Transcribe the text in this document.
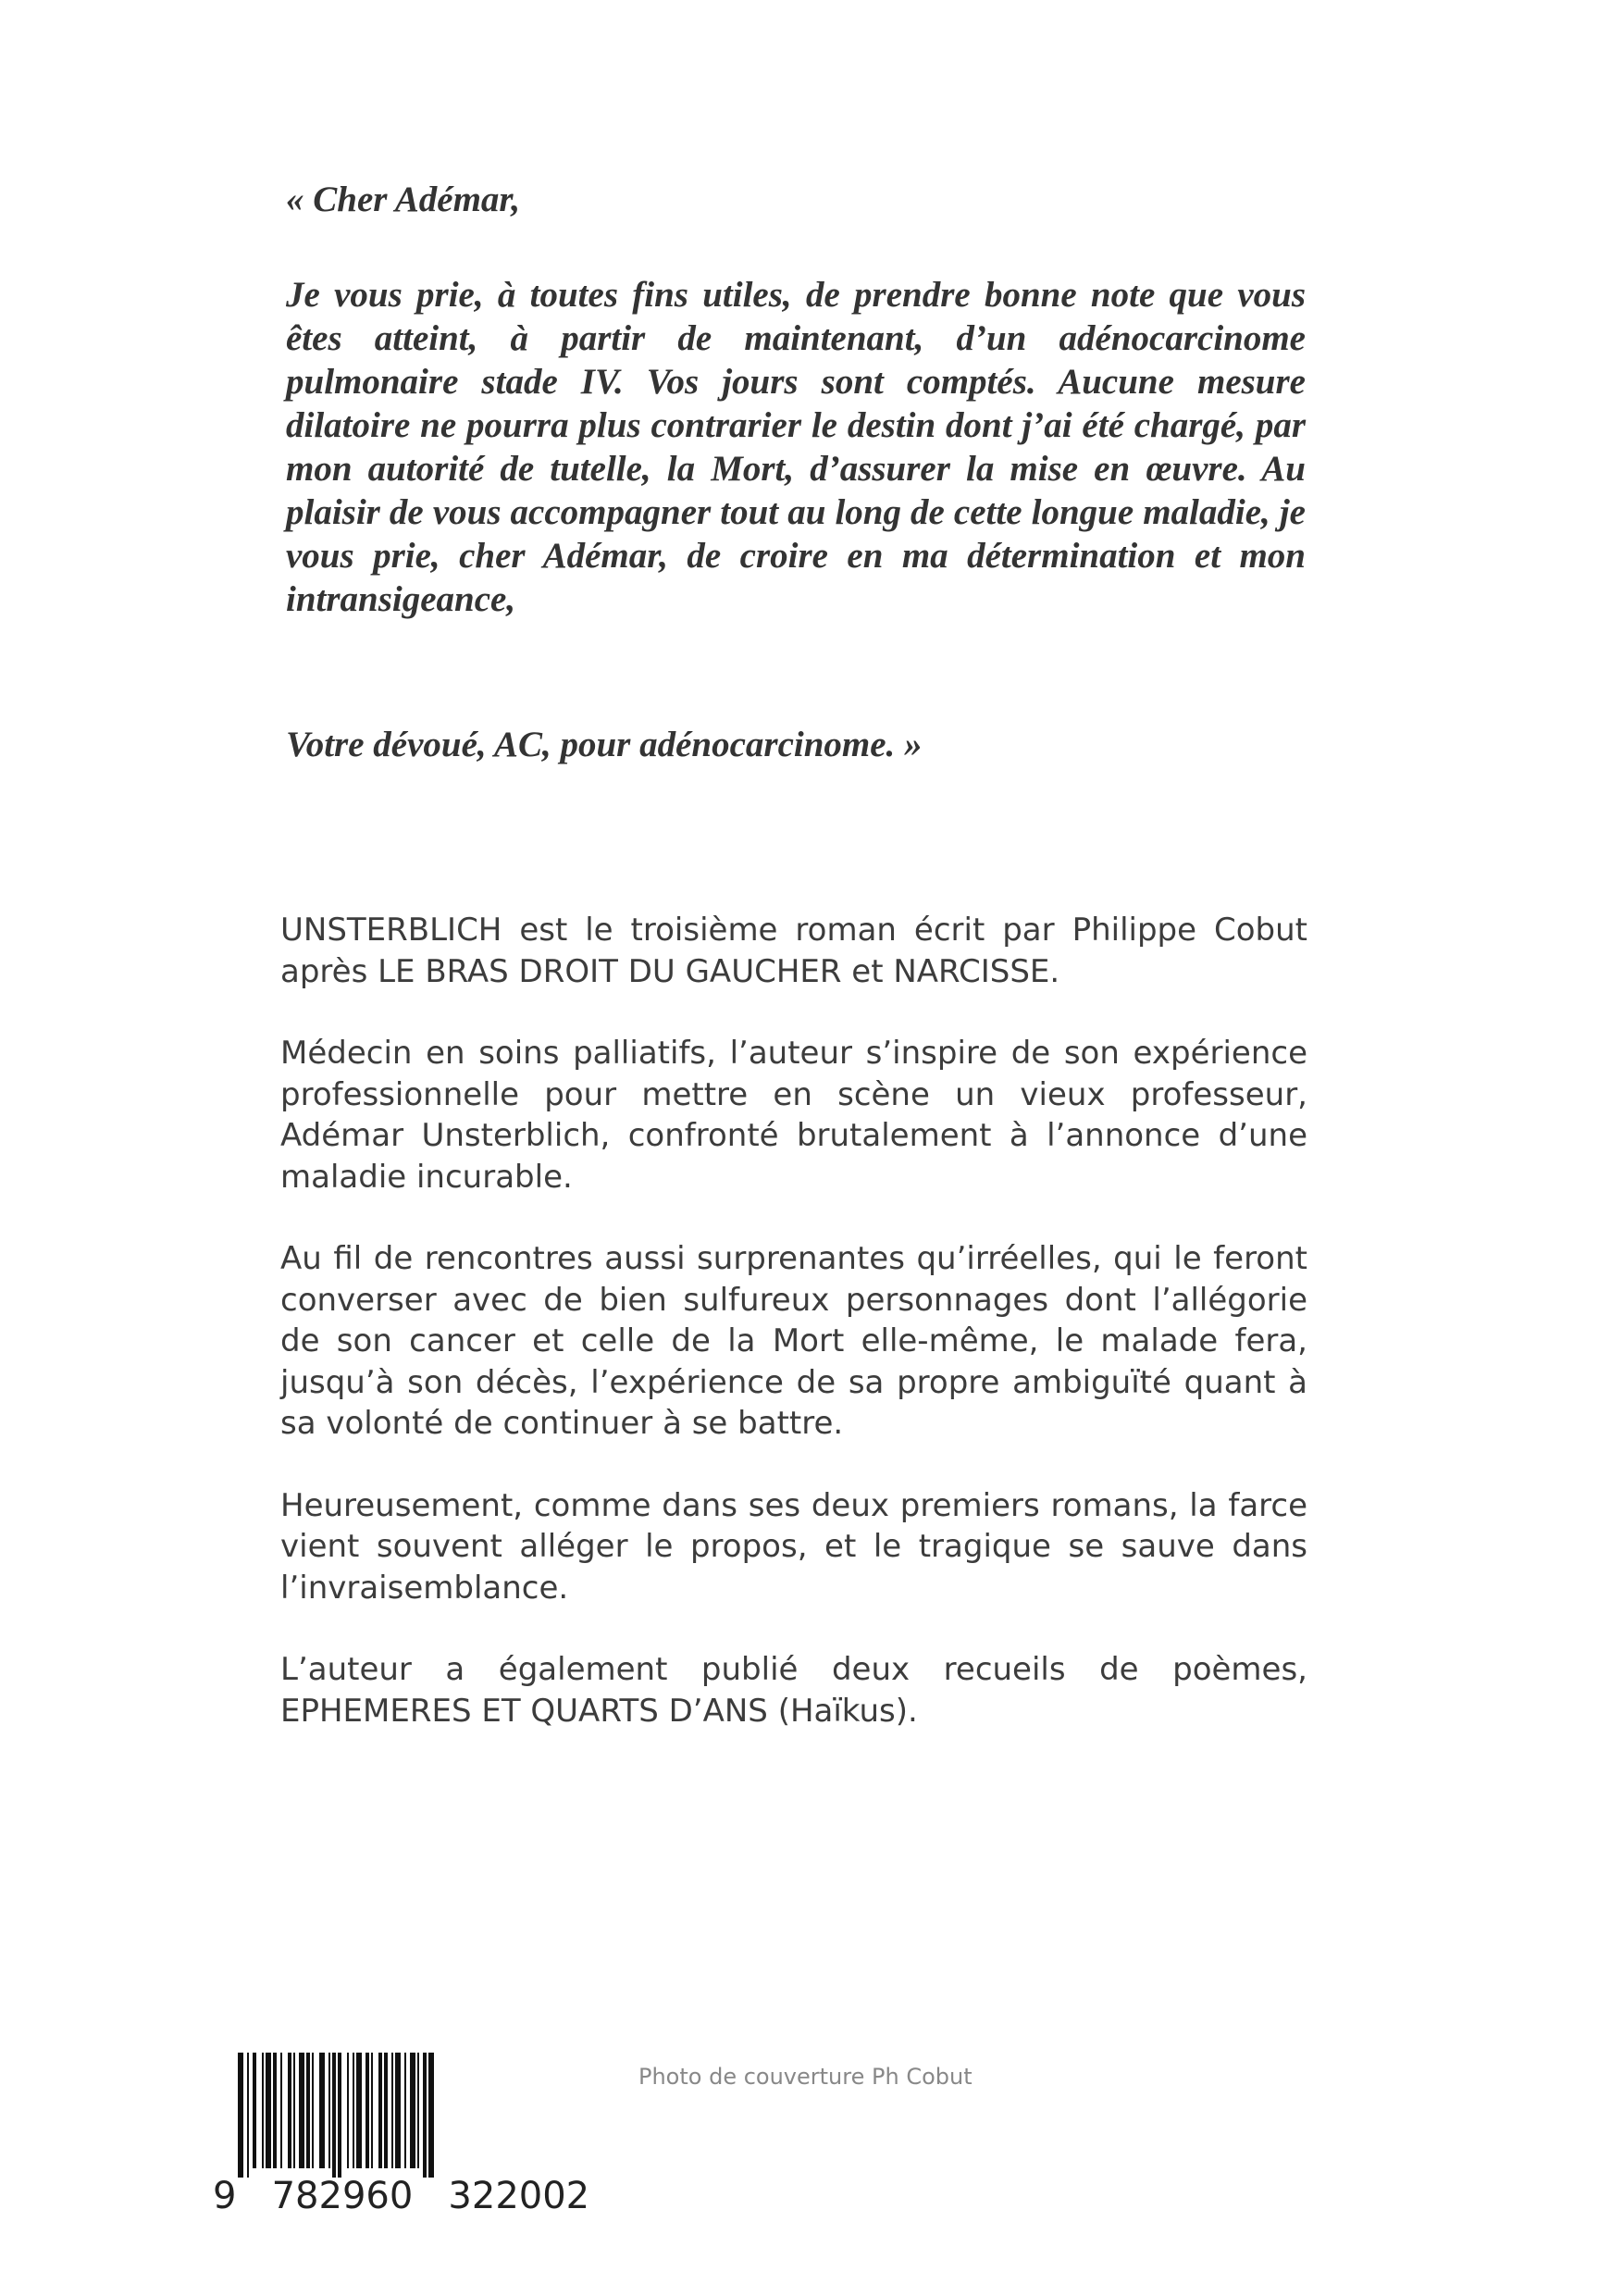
« Cher Adémar,

Je vous prie, à toutes fins utiles, de prendre bonne note que vous êtes atteint, à partir de maintenant, d’un adénocarcinome pulmonaire stade IV. Vos jours sont comptés. Aucune mesure dilatoire ne pourra plus contrarier le destin dont j’ai été chargé, par mon autorité de tutelle, la Mort, d’assurer la mise en œuvre. Au plaisir de vous accompagner tout au long de cette longue maladie, je vous prie, cher Adémar, de croire en ma détermination et mon intransigeance,

Votre dévoué, AC, pour adénocarcinome. »

UNSTERBLICH est le troisième roman écrit par Philippe Cobut après LE BRAS DROIT DU GAUCHER et NARCISSE.

Médecin en soins palliatifs, l’auteur s’inspire de son expérience professionnelle pour mettre en scène un vieux professeur, Adémar Unsterblich, confronté brutalement à l’annonce d’une maladie incurable.

Au fil de rencontres aussi surprenantes qu’irréelles, qui le feront converser avec de bien sulfureux personnages dont l’allégorie de son cancer et celle de la Mort elle-même, le malade fera, jusqu’à son décès, l’expérience de sa propre ambiguïté quant à sa volonté de continuer à se battre.

Heureusement, comme dans ses deux premiers romans, la farce vient souvent alléger le propos, et le tragique se sauve dans l’invraisemblance.

L’auteur a également publié deux recueils de poèmes, EPHEMERES ET QUARTS D’ANS (Haïkus).

9   782960   322002
Photo de couverture Ph Cobut
